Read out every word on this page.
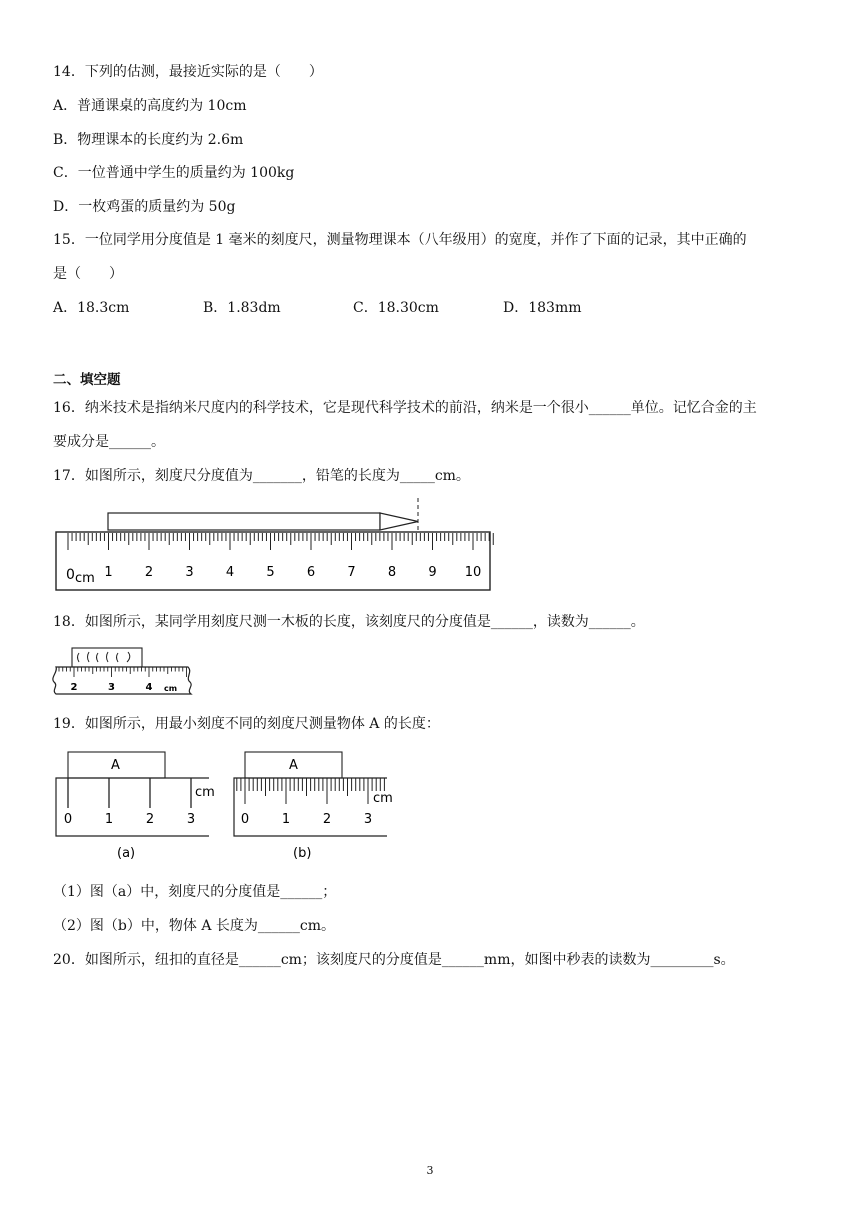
14．下列的估测，最接近实际的是（　　）
A．普通课桌的高度约为 10cm
B．物理课本的长度约为 2.6m
C．一位普通中学生的质量约为 100kg
D．一枚鸡蛋的质量约为 50g
15．一位同学用分度值是 1 毫米的刻度尺，测量物理课本（八年级用）的宽度，并作了下面的记录，其中正确的
是（　　）
A．18.3cm	B．1.83dm	C．18.30cm	D．183mm
二、填空题
16．纳米技术是指纳米尺度内的科学技术，它是现代科学技术的前沿，纳米是一个很小______单位。记忆合金的主
要成分是______。
17．如图所示，刻度尺分度值为_______，铅笔的长度为_____cm。
1 2 3 4 5 6 7 8 9 10
0 cm
18．如图所示，某同学用刻度尺测一木板的长度，该刻度尺的分度值是______，读数为______。
2	3	4 cm
19．如图所示，用最小刻度不同的刻度尺测量物体 A 的长度：
A
0	1	2	3
cm
(a)
A
0	1	2	3
cm
(b)
（1）图（a）中，刻度尺的分度值是______；
（2）图（b）中，物体 A 长度为______cm。
20．如图所示，纽扣的直径是______cm；该刻度尺的分度值是______mm，如图中秒表的读数为_________s。
3
